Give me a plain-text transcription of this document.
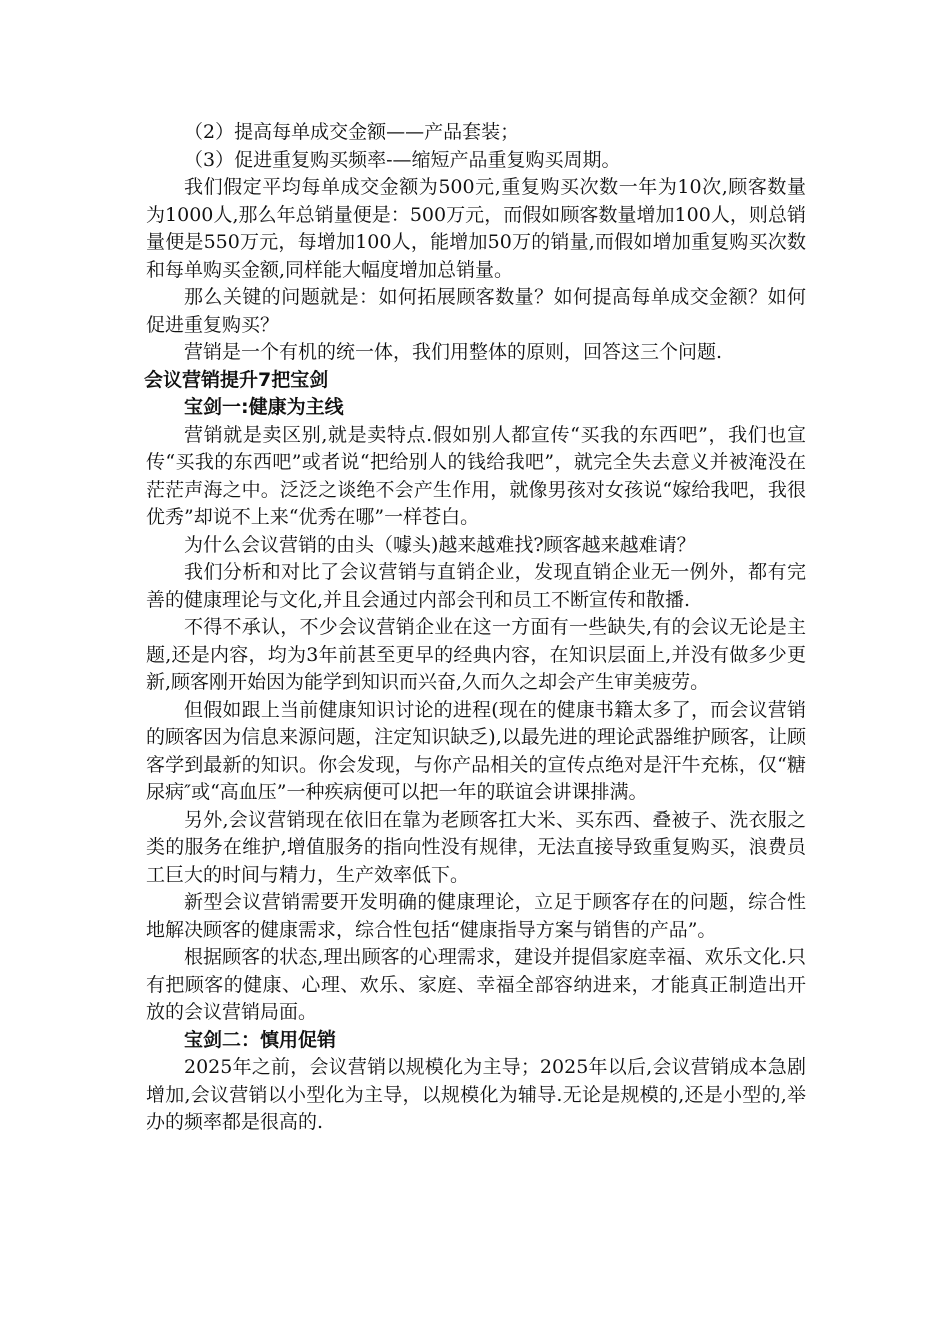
（2）提高每单成交金额——产品套装；

（3）促进重复购买频率-—缩短产品重复购买周期。

我们假定平均每单成交金额为500元,重复购买次数一年为10次,顾客数量为1000人,那么年总销量便是：500万元，而假如顾客数量增加100人，则总销量便是550万元，每增加100人，能增加50万的销量,而假如增加重复购买次数和每单购买金额,同样能大幅度增加总销量。

那么关键的问题就是：如何拓展顾客数量？如何提高每单成交金额？如何促进重复购买？

营销是一个有机的统一体，我们用整体的原则，回答这三个问题.

会议营销提升7把宝剑
宝剑一:健康为主线

营销就是卖区别,就是卖特点.假如别人都宣传“买我的东西吧”，我们也宣传“买我的东西吧”或者说“把给别人的钱给我吧”，就完全失去意义并被淹没在茫茫声海之中。泛泛之谈绝不会产生作用，就像男孩对女孩说“嫁给我吧，我很优秀”却说不上来“优秀在哪”一样苍白。

为什么会议营销的由头（噱头)越来越难找?顾客越来越难请？

我们分析和对比了会议营销与直销企业，发现直销企业无一例外，都有完善的健康理论与文化,并且会通过内部会刊和员工不断宣传和散播.

不得不承认，不少会议营销企业在这一方面有一些缺失,有的会议无论是主题,还是内容，均为3年前甚至更早的经典内容，在知识层面上,并没有做多少更新,顾客刚开始因为能学到知识而兴奋,久而久之却会产生审美疲劳。

但假如跟上当前健康知识讨论的进程(现在的健康书籍太多了，而会议营销的顾客因为信息来源问题，注定知识缺乏),以最先进的理论武器维护顾客，让顾客学到最新的知识。你会发现，与你产品相关的宣传点绝对是汗牛充栋，仅“糖尿病″或“高血压”一种疾病便可以把一年的联谊会讲课排满。

另外,会议营销现在依旧在靠为老顾客扛大米、买东西、叠被子、洗衣服之类的服务在维护,增值服务的指向性没有规律，无法直接导致重复购买，浪费员工巨大的时间与精力，生产效率低下。

新型会议营销需要开发明确的健康理论，立足于顾客存在的问题，综合性地解决顾客的健康需求，综合性包括“健康指导方案与销售的产品”。

根据顾客的状态,理出顾客的心理需求，建设并提倡家庭幸福、欢乐文化.只有把顾客的健康、心理、欢乐、家庭、幸福全部容纳进来，才能真正制造出开放的会议营销局面。

宝剑二：慎用促销

2025年之前，会议营销以规模化为主导；2025年以后,会议营销成本急剧增加,会议营销以小型化为主导，以规模化为辅导.无论是规模的,还是小型的,举办的频率都是很高的.
